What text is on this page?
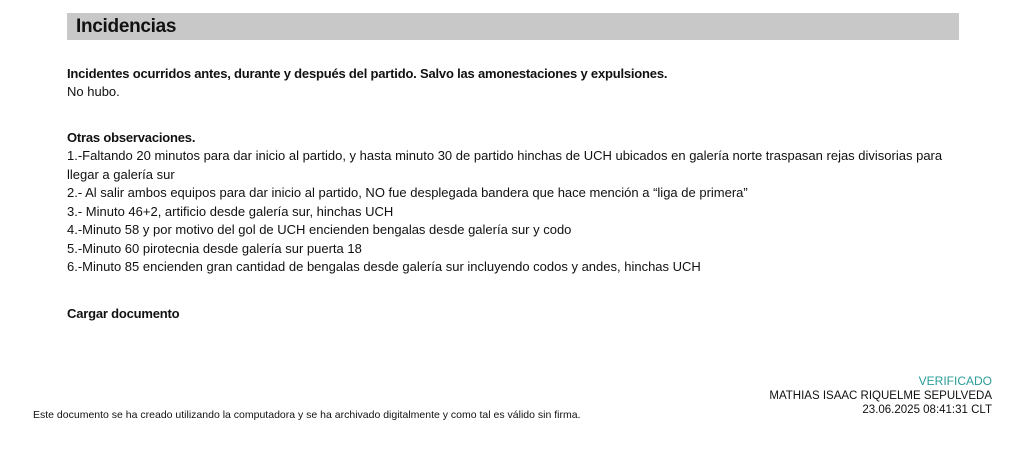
Incidencias

Incidentes ocurridos antes, durante y después del partido. Salvo las amonestaciones y expulsiones.

No hubo.

Otras observaciones.

1.-Faltando 20 minutos para dar inicio al partido, y hasta minuto 30 de partido hinchas de UCH ubicados en galería norte traspasan rejas divisorias para llegar a galería sur
2.- Al salir ambos equipos para dar inicio al partido, NO fue desplegada bandera que hace mención a “liga de primera”
3.- Minuto 46+2, artificio desde galería sur, hinchas UCH
4.-Minuto 58 y por motivo del gol de UCH encienden bengalas desde galería sur y codo
5.-Minuto 60 pirotecnia desde galería sur puerta 18
6.-Minuto 85 encienden gran cantidad de bengalas desde galería sur incluyendo codos y andes, hinchas UCH

Cargar documento

Este documento se ha creado utilizando la computadora y se ha archivado digitalmente y como tal es válido sin firma.
VERIFICADO
MATHIAS ISAAC RIQUELME SEPULVEDA
23.06.2025 08:41:31 CLT
